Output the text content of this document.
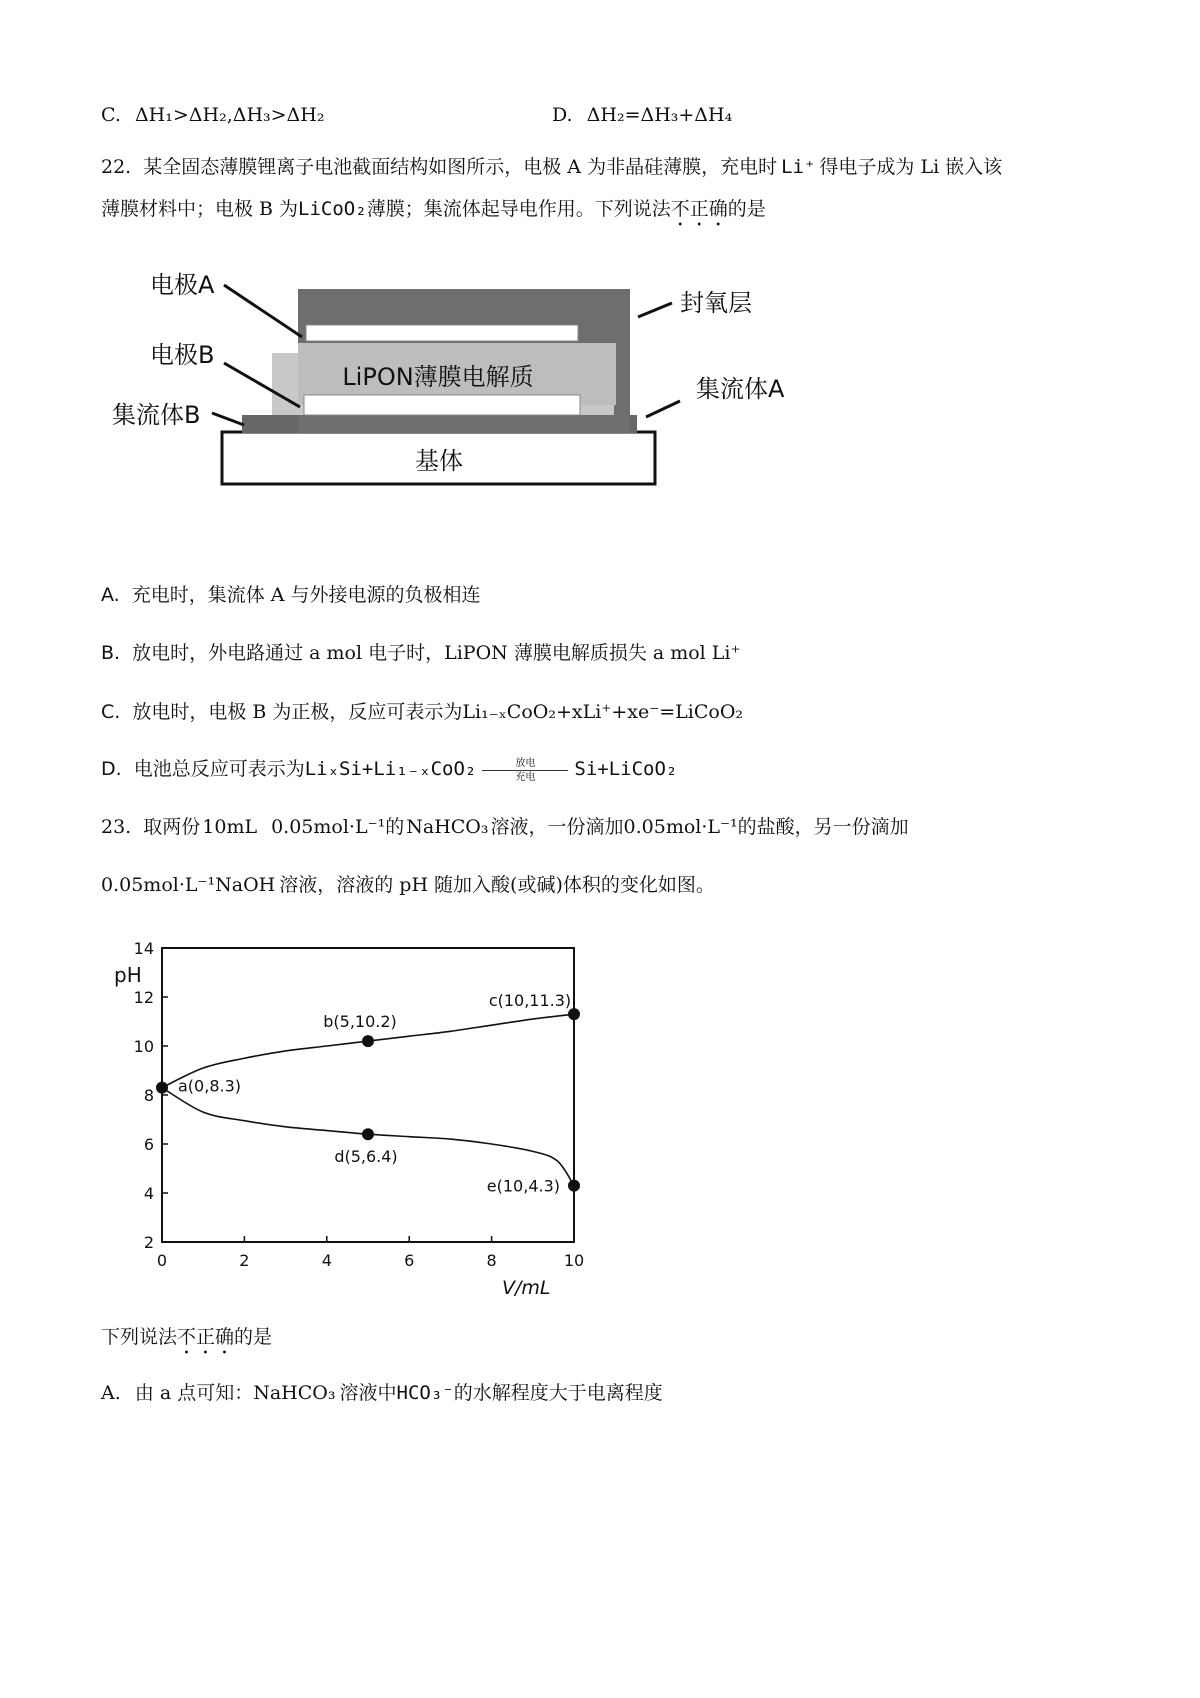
C. ΔH₁>ΔH₂,ΔH₃>ΔH₂	D. ΔH₂=ΔH₃+ΔH₄
22. 某全固态薄膜锂离子电池截面结构如图所示，电极 A 为非晶硅薄膜，充电时 Li⁺ 得电子成为 Li 嵌入该
薄膜材料中；电极 B 为LiCoO₂薄膜；集流体起导电作用。下列说法不正确的是
LiPON薄膜电解质
基体
电极A
电极B
集流体B
封氧层
集流体A
A. 充电时，集流体 A 与外接电源的负极相连
B. 放电时，外电路通过 a mol 电子时，LiPON 薄膜电解质损失 a mol Li⁺
C. 放电时，电极 B 为正极，反应可表示为Li₁₋ₓCoO₂+xLi⁺+xe⁻=LiCoO₂
D. 电池总反应可表示为LiₓSi+Li₁₋ₓCoO₂	放电
充电	Si+LiCoO₂
23. 取两份 10mL 0.05mol·L⁻¹的 NaHCO₃ 溶液，一份滴加0.05mol·L⁻¹的盐酸，另一份滴加
0.05mol·L⁻¹NaOH 溶液，溶液的 pH 随加入酸(或碱)体积的变化如图。
2
4
6
8
10
12
14
0	2	4	6	8	10
a(0,8.3)
b(5,10.2)
c(10,11.3)
d(5,6.4)
e(10,4.3)
pH
V/mL
下列说法不正确的是
A. 由 a 点可知：NaHCO₃ 溶液中HCO₃⁻的水解程度大于电离程度
